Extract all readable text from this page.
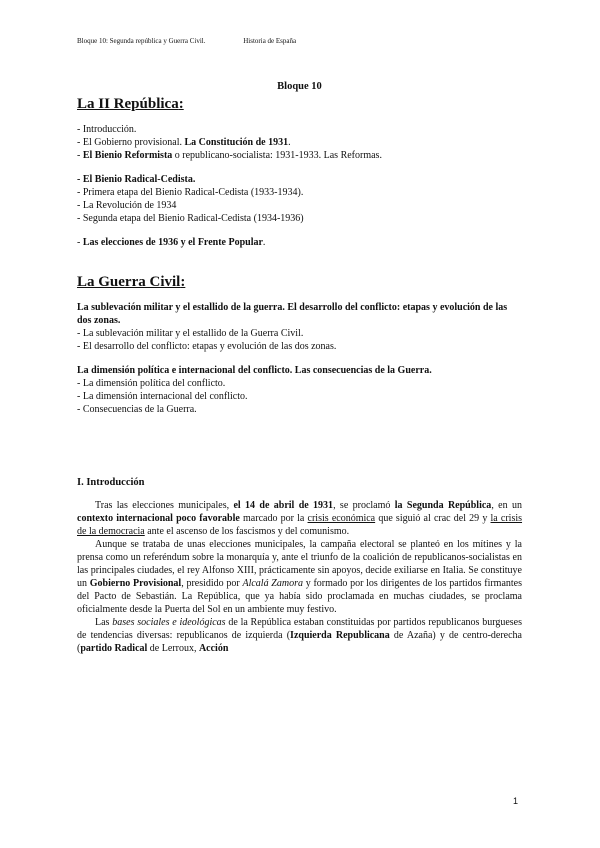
Bloque 10: Segunda república y Guerra Civil.	Historia de España
Bloque 10
La II República:
- Introducción.
- El Gobierno provisional. La Constitución de 1931.
- El Bienio Reformista o republicano-socialista: 1931-1933. Las Reformas.
- El Bienio Radical-Cedista.
- Primera etapa del Bienio Radical-Cedista (1933-1934).
- La Revolución de 1934
- Segunda etapa del Bienio Radical-Cedista (1934-1936)
- Las elecciones de 1936 y el Frente Popular.
La Guerra Civil:
La sublevación militar y el estallido de la guerra. El desarrollo del conflicto: etapas y evolución de las dos zonas.
- La sublevación militar y el estallido de la Guerra Civil.
- El desarrollo del conflicto: etapas y evolución de las dos zonas.
La dimensión política e internacional del conflicto. Las consecuencias de la Guerra.
- La dimensión política del conflicto.
- La dimensión internacional del conflicto.
- Consecuencias de la Guerra.
I. Introducción

Tras las elecciones municipales, el 14 de abril de 1931, se proclamó la Segunda República, en un contexto internacional poco favorable marcado por la crisis económica que siguió al crac del 29 y la crisis de la democracia ante el ascenso de los fascismos y del comunismo.

Aunque se trataba de unas elecciones municipales, la campaña electoral se planteó en los mítines y la prensa como un referéndum sobre la monarquía y, ante el triunfo de la coalición de republicanos-socialistas en las principales ciudades, el rey Alfonso XIII, prácticamente sin apoyos, decide exiliarse en Italia. Se constituye un Gobierno Provisional, presidido por Alcalá Zamora y formado por los dirigentes de los partidos firmantes del Pacto de Sebastián. La República, que ya había sido proclamada en muchas ciudades, se proclama oficialmente desde la Puerta del Sol en un ambiente muy festivo.

Las bases sociales e ideológicas de la República estaban constituidas por partidos republicanos burgueses de tendencias diversas: republicanos de izquierda (Izquierda Republicana de Azaña) y de centro-derecha (partido Radical de Lerroux, Acción

1
